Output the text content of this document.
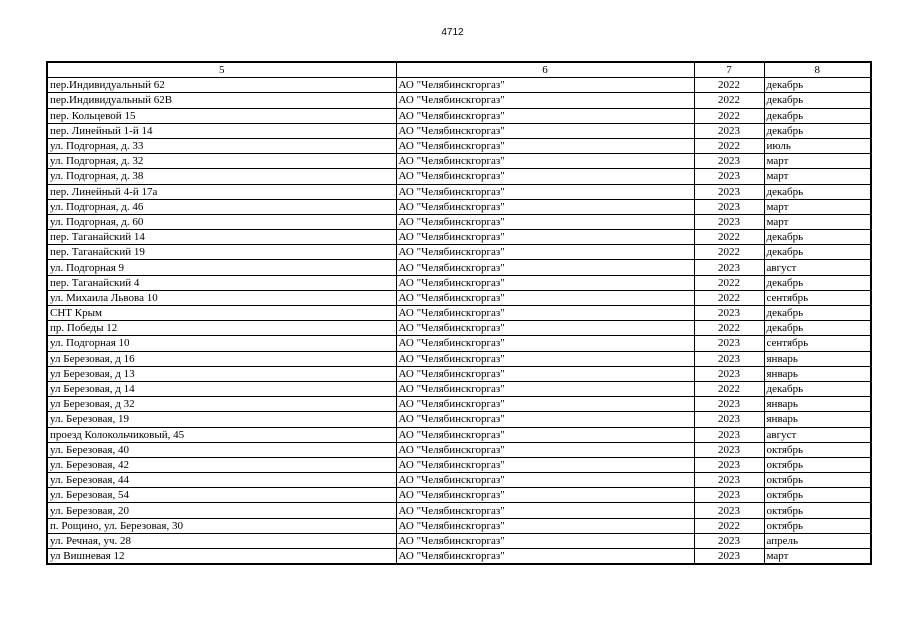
4712
5	6	7	8
пер.Индивидуальный 62	АО "Челябинскгоргаз"	2022	декабрь
пер.Индивидуальный 62В	АО "Челябинскгоргаз"	2022	декабрь
пер. Кольцевой 15	АО "Челябинскгоргаз"	2022	декабрь
пер. Линейный 1-й 14	АО "Челябинскгоргаз"	2023	декабрь
ул. Подгорная, д. 33	АО "Челябинскгоргаз"	2022	июль
ул. Подгорная, д. 32	АО "Челябинскгоргаз"	2023	март
ул. Подгорная, д. 38	АО "Челябинскгоргаз"	2023	март
пер. Линейный 4-й 17а	АО "Челябинскгоргаз"	2023	декабрь
ул. Подгорная, д. 46	АО "Челябинскгоргаз"	2023	март
ул. Подгорная, д. 60	АО "Челябинскгоргаз"	2023	март
пер. Таганайский 14	АО "Челябинскгоргаз"	2022	декабрь
пер. Таганайский 19	АО "Челябинскгоргаз"	2022	декабрь
ул. Подгорная 9	АО "Челябинскгоргаз"	2023	август
пер. Таганайский 4	АО "Челябинскгоргаз"	2022	декабрь
ул. Михаила Львова 10	АО "Челябинскгоргаз"	2022	сентябрь
СНТ Крым	АО "Челябинскгоргаз"	2023	декабрь
пр. Победы 12	АО "Челябинскгоргаз"	2022	декабрь
ул. Подгорная 10	АО "Челябинскгоргаз"	2023	сентябрь
ул Березовая, д 16	АО "Челябинскгоргаз"	2023	январь
ул Березовая, д 13	АО "Челябинскгоргаз"	2023	январь
ул Березовая, д 14	АО "Челябинскгоргаз"	2022	декабрь
ул Березовая, д 32	АО "Челябинскгоргаз"	2023	январь
ул. Березовая, 19	АО "Челябинскгоргаз"	2023	январь
проезд Колокольчиковый, 45	АО "Челябинскгоргаз"	2023	август
ул. Березовая, 40	АО "Челябинскгоргаз"	2023	октябрь
ул. Березовая, 42	АО "Челябинскгоргаз"	2023	октябрь
ул. Березовая, 44	АО "Челябинскгоргаз"	2023	октябрь
ул. Березовая, 54	АО "Челябинскгоргаз"	2023	октябрь
ул. Березовая, 20	АО "Челябинскгоргаз"	2023	октябрь
п. Рощино, ул. Березовая, 30	АО "Челябинскгоргаз"	2022	октябрь
ул. Речная, уч. 28	АО "Челябинскгоргаз"	2023	апрель
ул Вишневая 12	АО "Челябинскгоргаз"	2023	март
